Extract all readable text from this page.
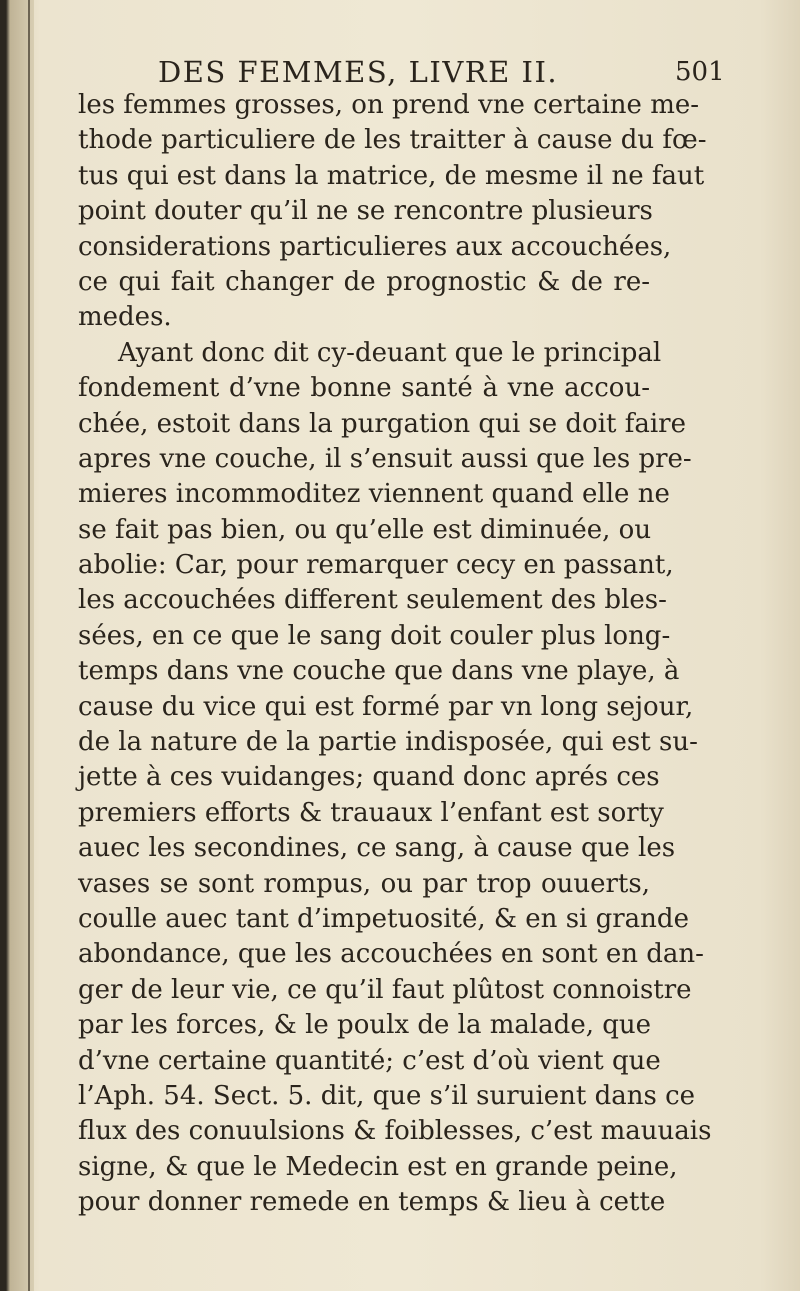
DES FEMMES, LIVRE II.	501
les femmes grosses, on prend vne certaine me-
thode particuliere de les traitter à cause du fœ-
tus qui est dans la matrice, de mesme il ne faut
point douter qu’il ne se rencontre plusieurs
considerations particulieres aux accouchées,
ce qui fait changer de prognostic & de re-
medes.
Ayant donc dit cy-deuant que le principal
fondement d’vne bonne santé à vne accou-
chée, estoit dans la purgation qui se doit faire
apres vne couche, il s’ensuit aussi que les pre-
mieres incommoditez viennent quand elle ne
se fait pas bien, ou qu’elle est diminuée, ou
abolie: Car, pour remarquer cecy en passant,
les accouchées different seulement des bles-
sées, en ce que le sang doit couler plus long-
temps dans vne couche que dans vne playe, à
cause du vice qui est formé par vn long sejour,
de la nature de la partie indisposée, qui est su-
jette à ces vuidanges; quand donc aprés ces
premiers efforts & trauaux l’enfant est sorty
auec les secondines, ce sang, à cause que les
vases se sont rompus, ou par trop ouuerts,
coulle auec tant d’impetuosité, & en si grande
abondance, que les accouchées en sont en dan-
ger de leur vie, ce qu’il faut plûtost connoistre
par les forces, & le poulx de la malade, que
d’vne certaine quantité; c’est d’où vient que
l’Aph. 54. Sect. 5. dit, que s’il suruient dans ce
flux des conuulsions & foiblesses, c’est mauuais
signe, & que le Medecin est en grande peine,
pour donner remede en temps & lieu à cette
